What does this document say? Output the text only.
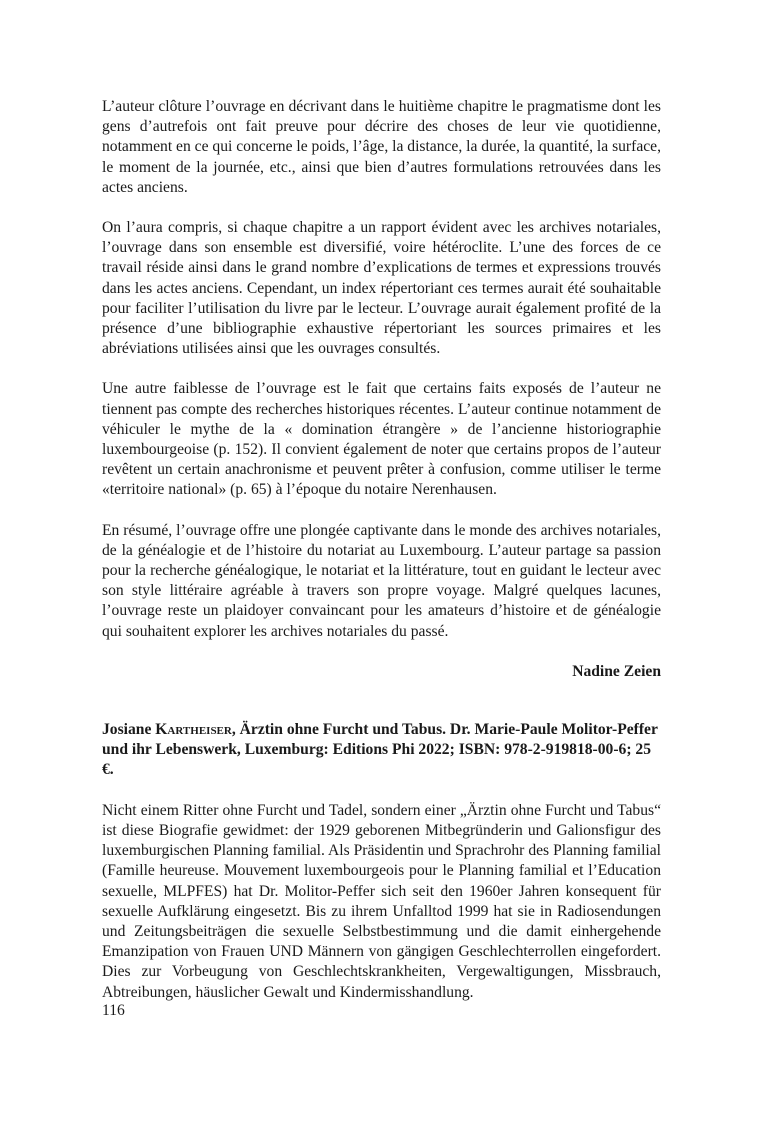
L’auteur clôture l’ouvrage en décrivant dans le huitième chapitre le pragmatisme dont les gens d’autrefois ont fait preuve pour décrire des choses de leur vie quotidienne, notamment en ce qui concerne le poids, l’âge, la distance, la durée, la quantité, la surface, le moment de la journée, etc., ainsi que bien d’autres formulations retrouvées dans les actes anciens.

On l’aura compris, si chaque chapitre a un rapport évident avec les archives notariales, l’ouvrage dans son ensemble est diversifié, voire hétéroclite. L’une des forces de ce travail réside ainsi dans le grand nombre d’explications de termes et expressions trouvés dans les actes anciens. Cependant, un index répertoriant ces termes aurait été souhaitable pour faciliter l’utilisation du livre par le lecteur. L’ouvrage aurait également profité de la présence d’une bibliographie exhaustive répertoriant les sources primaires et les abréviations utilisées ainsi que les ouvrages consultés.

Une autre faiblesse de l’ouvrage est le fait que certains faits exposés de l’auteur ne tiennent pas compte des recherches historiques récentes. L’auteur continue notamment de véhiculer le mythe de la « domination étrangère » de l’ancienne historiographie luxembourgeoise (p. 152). Il convient également de noter que certains propos de l’auteur revêtent un certain anachronisme et peuvent prêter à confusion, comme utiliser le terme «territoire national» (p. 65) à l’époque du notaire Nerenhausen.

En résumé, l’ouvrage offre une plongée captivante dans le monde des archives notariales, de la généalogie et de l’histoire du notariat au Luxembourg. L’auteur partage sa passion pour la recherche généalogique, le notariat et la littérature, tout en guidant le lecteur avec son style littéraire agréable à travers son propre voyage. Malgré quelques lacunes, l’ouvrage reste un plaidoyer convaincant pour les amateurs d’histoire et de généalogie qui souhaitent explorer les archives notariales du passé.

Nadine Zeien

Josiane Kartheiser, Ärztin ohne Furcht und Tabus. Dr. Marie-Paule Molitor-Peffer und ihr Lebenswerk, Luxemburg: Editions Phi 2022; ISBN: 978-2-919818-00-6; 25 €.

Nicht einem Ritter ohne Furcht und Tadel, sondern einer „Ärztin ohne Furcht und Tabus“ ist diese Biografie gewidmet: der 1929 geborenen Mitbegründerin und Galionsfigur des luxemburgischen Planning familial. Als Präsidentin und Sprachrohr des Planning familial (Famille heureuse. Mouvement luxembourgeois pour le Planning familial et l’Education sexuelle, MLPFES) hat Dr. Molitor-Peffer sich seit den 1960er Jahren konsequent für sexuelle Aufklärung eingesetzt. Bis zu ihrem Unfalltod 1999 hat sie in Radiosendungen und Zeitungsbeiträgen die sexuelle Selbstbestimmung und die damit einhergehende Emanzipation von Frauen UND Männern von gängigen Geschlechterrollen eingefordert. Dies zur Vorbeugung von Geschlechtskrankheiten, Vergewaltigungen, Missbrauch, Abtreibungen, häuslicher Gewalt und Kindermisshandlung.

116
